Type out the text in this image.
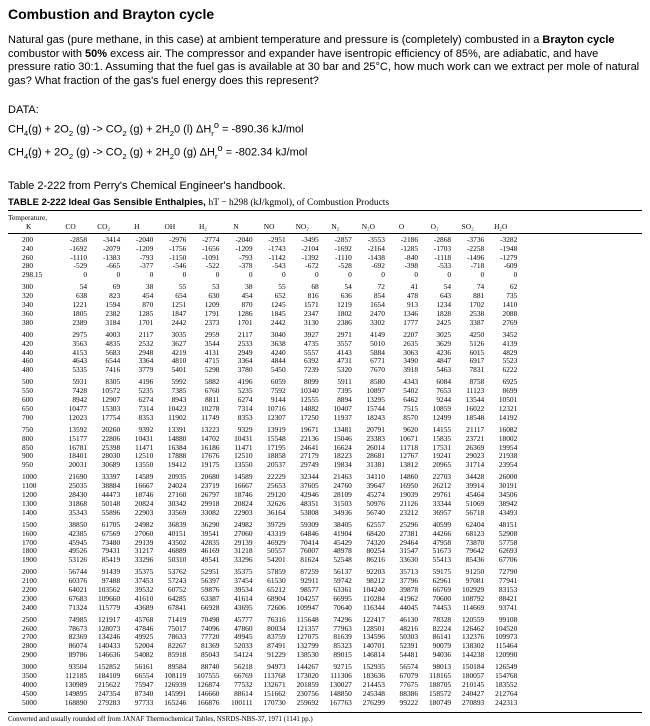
Combustion and Brayton cycle
Natural gas (pure methane, in this case) at ambient temperature and pressure is (completely) combusted in a Brayton cycle combustor with 50% excess air. The compressor and expander have isentropic efficiency of 85%, are adiabatic, and have pressure ratio 30:1. Assuming that the fuel gas is available at 30 bar and 25°C, how much work can we extract per mole of natural gas? What fraction of the gas's fuel energy does this represent?
DATA:
$CH_4(g) + 2O_2$ $(g) -> CO_2$ $(g) + 2H_20$ (l) $\Delta H_r^o = -890.36$ kJ/mol
$CH_4(g) + 2O_2$ $(g) -> CO_2$ $(g) + 2H_20$ (g) $\Delta H_r^o = -802.34$ kJ/mol
Table 2-222 from Perry's Chemical Engineer's handbook.
TABLE 2-222 Ideal Gas Sensible Enthalpies, hT − h298 (kJ/kgmol), of Combustion Products
Temperature,
K	CO	CO₂	H	OH	H₂	N	NO	NO₂	N₂	N₂O	O	O₂	SO₂	H₂O
200	-2858	-3414	-2040	-2976	-2774	-2040	-2951	-3495	-2857	-3553	-2186	-2868	-3736	-3282
240	-1692	-2079	-1209	-1756	-1656	-1209	-1743	-2104	-1692	-2164	-1285	-1703	-2258	-1948
260	-1110	-1383	-793	-1150	-1091	-793	-1142	-1392	-1110	-1438	-840	-1118	-1496	-1279
280	-529	-665	-377	-546	-522	-378	-543	-672	-528	-692	-398	-533	-718	-609
298.15	0	0	0	0	0	0	0	0	0	0	0	0	0	0
300	54	69	38	55	53	38	55	68	54	72	41	54	74	62
320	638	823	454	654	630	454	652	816	636	854	478	643	881	735
340	1221	1594	870	1251	1209	870	1245	1571	1219	1654	913	1234	1702	1410
360	1805	2382	1285	1847	1791	1286	1845	2347	1802	2470	1346	1828	2538	2088
380	2389	3184	1701	2442	2373	1701	2442	3130	2386	3302	1777	2425	3387	2769
400	2975	4003	2117	3035	2959	2117	3040	3927	2971	4149	2207	3025	4250	3452
420	3563	4835	2532	3627	3544	2533	3638	4735	3557	5010	2635	3629	5126	4139
440	4153	5683	2948	4219	4131	2949	4240	5557	4143	5884	3063	4236	6015	4829
460	4643	6544	3364	4810	4715	3364	4844	6392	4731	6771	3490	4847	6917	5523
480	5335	7416	3779	5401	5298	3780	5450	7239	5320	7670	3918	5463	7831	6222
500	5931	8305	4196	5992	5882	4196	6059	8099	5911	8580	4343	6084	8758	6925
550	7428	10572	5235	7385	6760	5235	7592	10340	7395	10897	5402	7653	11123	8699
600	8942	12907	6274	8943	8811	6274	9144	12555	8894	13295	6462	9244	13544	10501
650	10477	15303	7314	10423	10278	7314	10716	14882	10407	15744	7515	10859	16022	12321
700	12023	17754	8353	11902	11749	8353	12307	17250	11937	18243	8570	12499	18548	14192
750	13592	20260	9392	13391	13223	9329	13919	19671	13481	20791	9620	14155	21117	16082
800	15177	22806	10431	14880	14702	10431	15548	22136	15046	23383	10671	15835	23721	18002
850	16781	25398	11471	16384	16186	11471	17195	24641	16624	26014	11718	17531	26369	19954
900	18401	28030	12510	17888	17676	12510	18858	27179	18223	28681	12767	19241	29023	21938
950	20031	30689	13550	19412	19175	13550	20537	29749	19834	31381	13812	20965	31714	23954
1000	21690	33397	14589	20935	20680	14589	22229	32344	21463	34110	14860	22703	34428	26000
1100	25035	38884	16667	24024	23719	16667	25653	37605	24760	39647	16950	26212	39914	30191
1200	28430	44473	18746	27160	26797	18746	29120	42946	28109	45274	19039	29761	45464	34506
1300	31868	50148	20824	30342	29918	20824	32626	48351	31503	50976	21126	33344	51069	38942
1400	35343	55896	22903	33569	33082	22903	36164	53808	34936	56740	23212	36957	56718	43493
1500	38850	61705	24982	36839	36290	24982	39729	59309	38405	62557	25296	40599	62404	48151
1600	42385	67569	27060	40151	39541	27060	43319	64846	41904	68420	27381	44266	68123	52908
1700	45945	73480	29139	43502	42835	29139	46929	70414	45429	74320	29464	47958	73870	57758
1800	49526	79431	31217	46889	46169	31218	50557	76007	48978	80254	31547	51673	79642	62693
1900	53126	85419	33296	50310	49541	33296	54201	81624	52548	86216	33630	55413	85436	67706
2000	56744	91439	35375	53762	52951	35375	57859	87259	56137	92203	35713	59175	91250	72790
2100	60376	97488	37453	57243	56397	37454	61530	92911	59742	98212	37796	62961	97081	77941
2200	64021	103562	39532	60752	59876	39534	65212	98577	63361	104240	39878	66769	102929	83153
2300	67683	109660	41610	64285	63387	41614	68904	104257	66995	110284	41962	70600	108792	88421
2400	71324	115779	43689	67841	66928	43695	72606	109947	70640	116344	44045	74453	114669	93741
2500	74985	121917	45768	71419	70498	45777	76316	115648	74296	122417	46130	78328	120559	99108
2600	78673	128073	47846	75017	74096	47860	80034	121357	77963	128501	48216	82224	126462	104520
2700	82369	134246	49925	78633	77720	49945	83759	127075	81639	134596	50303	86141	132376	109973
2800	86074	140433	52004	82267	81369	52033	87491	132799	85323	140701	52391	90079	138302	115464
2900	89786	146636	54082	85918	85043	54124	91229	138530	89015	146814	54481	94036	144238	120990
3000	93504	152852	56161	89584	88740	56218	94973	144267	92715	152935	56574	98013	150184	126549
3500	112185	184109	66554	108119	107555	66769	113768	173020	111306	183636	67079	118165	180057	154768
4000	130989	215622	75947	126939	126874	77532	132671	201859	130027	214453	77675	188705	210145	183552
4500	149895	247354	87340	145991	146660	88614	151662	230756	148850	245348	88386	158572	240427	212764
5000	168890	279283	97733	165246	166876	100111	170730	259692	167763	276299	99222	180749	270893	242313
Converted and usually rounded off from JANAF Thermochemical Tables, NSRDS-NBS-37, 1971 (1141 pp.)
